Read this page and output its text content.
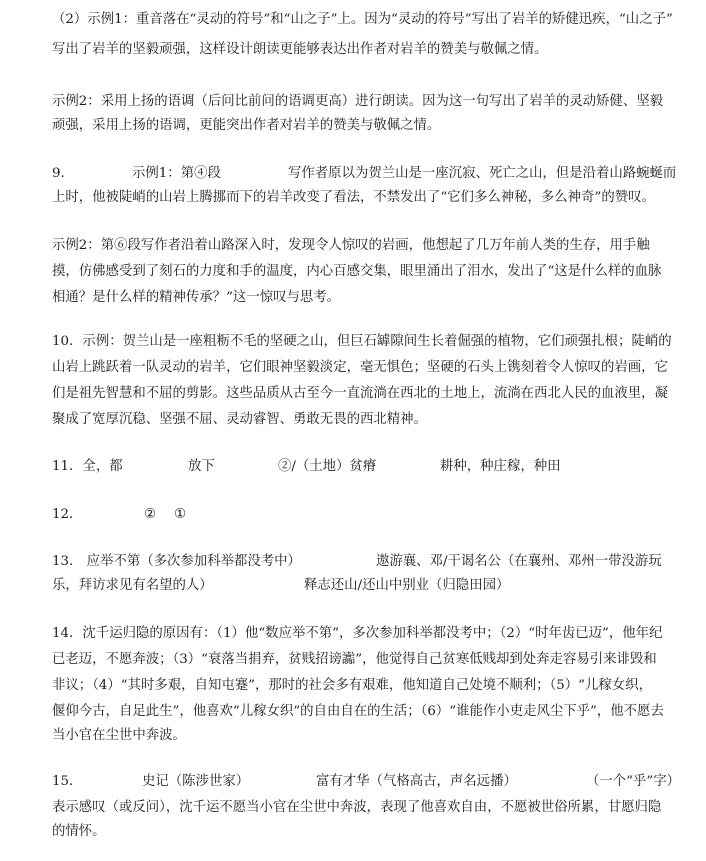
（2）示例1：重音落在“灵动的符号”和“山之子”上。因为“灵动的符号”写出了岩羊的矫健迅疾，“山之子”
写出了岩羊的坚毅顽强，这样设计朗读更能够表达出作者对岩羊的赞美与敬佩之情。
示例2：采用上扬的语调（后问比前问的语调更高）进行朗读。因为这一句写出了岩羊的灵动矫健、坚毅
顽强，采用上扬的语调，更能突出作者对岩羊的赞美与敬佩之情。
9.	示例1：第④段	写作者原以为贺兰山是一座沉寂、死亡之山，但是沿着山路蜿蜒而
上时，他被陡峭的山岩上腾挪而下的岩羊改变了看法，不禁发出了“它们多么神秘，多么神奇”的赞叹。
示例2：第⑥段写作者沿着山路深入时，发现令人惊叹的岩画，他想起了几万年前人类的生存，用手触
摸，仿佛感受到了刻石的力度和手的温度，内心百感交集，眼里涌出了泪水，发出了“这是什么样的血脉
相通？是什么样的精神传承？”这一惊叹与思考。
10．示例：贺兰山是一座粗粝不毛的坚硬之山，但巨石罅隙间生长着倔强的植物，它们顽强扎根；陡峭的
山岩上跳跃着一队灵动的岩羊，它们眼神坚毅淡定，毫无惧色；坚硬的石头上镌刻着令人惊叹的岩画，它
们是祖先智慧和不屈的剪影。这些品质从古至今一直流淌在西北的土地上，流淌在西北人民的血液里，凝
聚成了宽厚沉稳、坚强不屈、灵动睿智、勇敢无畏的西北精神。
11．全，都	放下	②/（土地）贫瘠	耕种，种庄稼，种田
12．	② ①
13． 应举不第（多次参加科举都没考中）	遨游襄、邓/干谒名公（在襄州、邓州一带没游玩
乐，拜访求见有名望的人）	释志还山/还山中别业（归隐田园）
14．沈千运归隐的原因有：（1）他“数应举不第”，多次参加科举都没考中；（2）“时年齿已迈”，他年纪
已老迈，不愿奔波；（3）“衰落当捐弃，贫贱招谤讟”，他觉得自己贫寒低贱却到处奔走容易引来诽毁和
非议；（4）“其时多艰，自知屯蹇”，那时的社会多有艰难，他知道自己处境不顺利；（5）“儿稼女织，
偃仰今古，自足此生”，他喜欢“儿稼女织”的自由自在的生活；（6）“谁能作小吏走风尘下乎”，他不愿去
当小官在尘世中奔波。
15．	史记（陈涉世家）	富有才华（气格高古，声名远播）	（一个“乎”字）
表示感叹（或反问），沈千运不愿当小官在尘世中奔波，表现了他喜欢自由，不愿被世俗所累，甘愿归隐
的情怀。
